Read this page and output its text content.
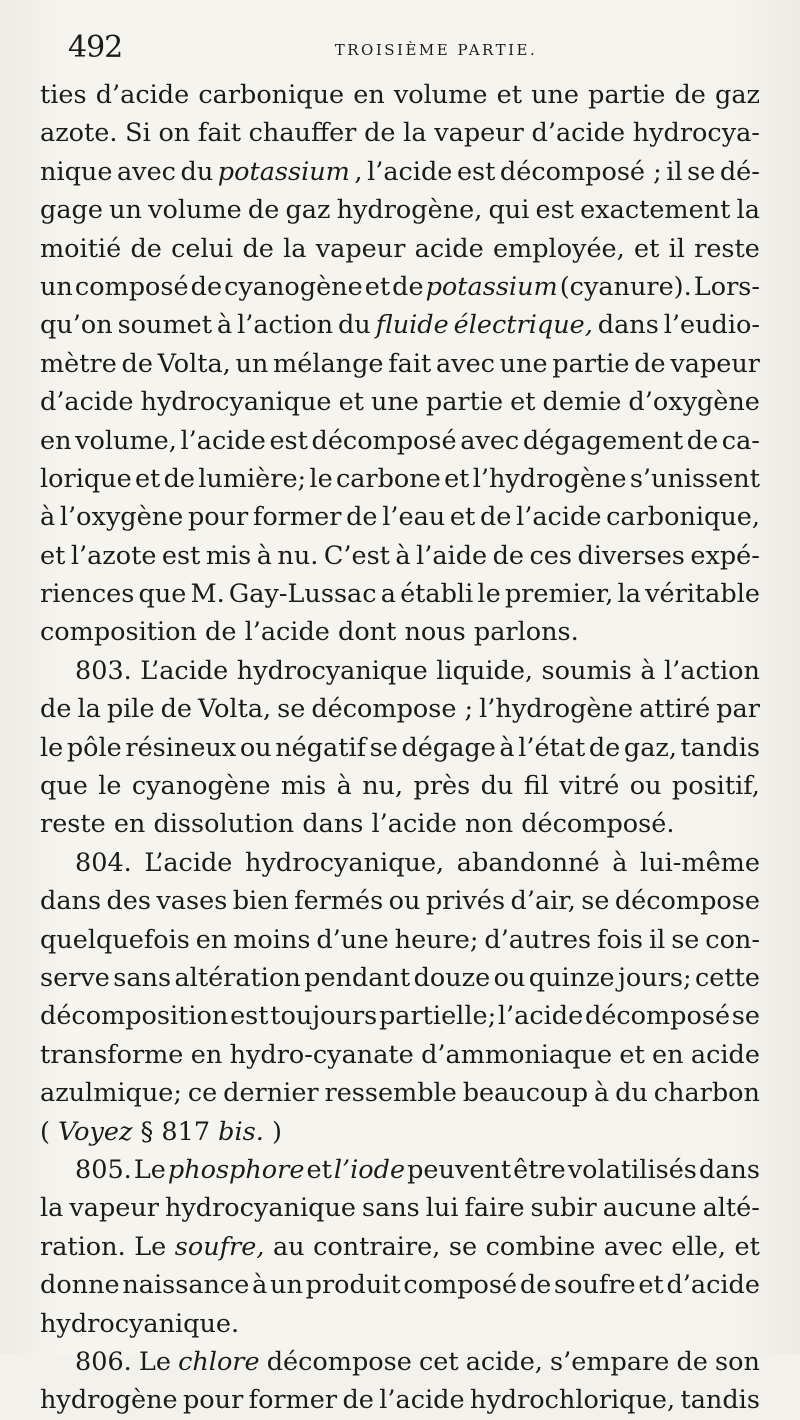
492	TROISIÈME PARTIE.
ties d’acide carbonique en volume et une partie de gaz
azote. Si on fait chauffer de la vapeur d’acide hydrocya-
nique avec du potassium , l’acide est décomposé ; il se dé-
gage un volume de gaz hydrogène, qui est exactement la
moitié de celui de la vapeur acide employée, et il reste
un composé de cyanogène et de potassium (cyanure). Lors-
qu’on soumet à l’action du fluide électrique, dans l’eudio-
mètre de Volta, un mélange fait avec une partie de vapeur
d’acide hydrocyanique et une partie et demie d’oxygène
en volume, l’acide est décomposé avec dégagement de ca-
lorique et de lumière; le carbone et l’hydrogène s’unissent
à l’oxygène pour former de l’eau et de l’acide carbonique,
et l’azote est mis à nu. C’est à l’aide de ces diverses expé-
riences que M. Gay-Lussac a établi le premier, la véritable
composition de l’acide dont nous parlons.
803. L’acide hydrocyanique liquide, soumis à l’action
de la pile de Volta, se décompose ; l’hydrogène attiré par
le pôle résineux ou négatif se dégage à l’état de gaz, tandis
que le cyanogène mis à nu, près du fil vitré ou positif,
reste en dissolution dans l’acide non décomposé.
804. L’acide hydrocyanique, abandonné à lui-même
dans des vases bien fermés ou privés d’air, se décompose
quelquefois en moins d’une heure; d’autres fois il se con-
serve sans altération pendant douze ou quinze jours; cette
décomposition est toujours partielle; l’acide décomposé se
transforme en hydro-cyanate d’ammoniaque et en acide
azulmique; ce dernier ressemble beaucoup à du charbon
( Voyez § 817 bis. )
805. Le phosphore et l’iode peuvent être volatilisés dans
la vapeur hydrocyanique sans lui faire subir aucune alté-
ration. Le soufre, au contraire, se combine avec elle, et
donne naissance à un produit composé de soufre et d’acide
hydrocyanique.
806. Le chlore décompose cet acide, s’empare de son
hydrogène pour former de l’acide hydrochlorique, tandis
